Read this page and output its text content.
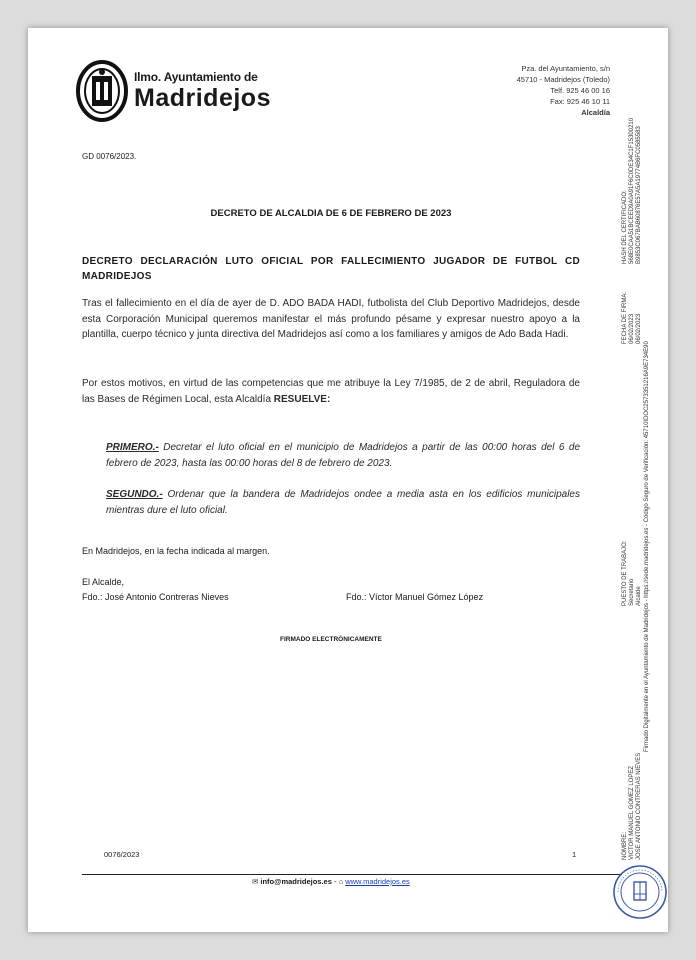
Ilmo. Ayuntamiento de
Madridejos
Pza. del Ayuntamiento, s/n
45710 - Madridejos (Toledo)
Telf. 925 46 00 16
Fax: 925 46 10 11
Alcaldía
GD 0076/2023.
DECRETO DE ALCALDIA DE 6 DE FEBRERO DE 2023
DECRETO DECLARACIÓN LUTO OFICIAL POR FALLECIMIENTO JUGADOR DE FUTBOL CD MADRIDEJOS
Tras el fallecimiento en el día de ayer de D. ADO BADA HADI, futbolista del Club Deportivo Madridejos, desde esta Corporación Municipal queremos manifestar el más profundo pésame y expresar nuestro apoyo a la plantilla, cuerpo técnico y junta directiva del Madridejos así como a los familiares y amigos de Ado Bada Hadi.
Por estos motivos, en virtud de las competencias que me atribuye la Ley 7/1985, de 2 de abril, Reguladora de las Bases de Régimen Local, esta Alcaldía RESUELVE:
PRIMERO.- Decretar el luto oficial en el municipio de Madridejos a partir de las 00:00 horas del 6 de febrero de 2023, hasta las 00:00 horas del 8 de febrero de 2023.
SEGUNDO.- Ordenar que la bandera de Madridejos ondee a media asta en los edificios municipales mientras dure el luto oficial.
En Madridejos, en la fecha indicada al margen.
El Alcalde,
Fdo.: José Antonio Contreras Nieves	Fdo.: Víctor Manuel Gómez López
FIRMADO ELECTRÓNICAMENTE
0076/2023	1
✉ info@madridejos.es - ⌂ www.madridejos.es
Firmado Digitalmente en el Ayuntamiento de Madridejos - https://sede.madridejos.es - Código Seguro de Verificación: 45710IDOC2573351216A9E734E90
NOMBRE: VICTOR MANUEL GOMEZ LOPEZ JOSE ANTONIO CONTRERAS NIEVES
PUESTO DE TRABAJO: Secretario Alcalde
FECHA DE FIRMA: 06/02/2023 06/02/2023
HASH DEL CERTIFICADO: 568E0CAA51BCEED9A0A91F6C0DE34C1F15300210 B9853C067BAB60876E57A5A19774B6FC0585583
